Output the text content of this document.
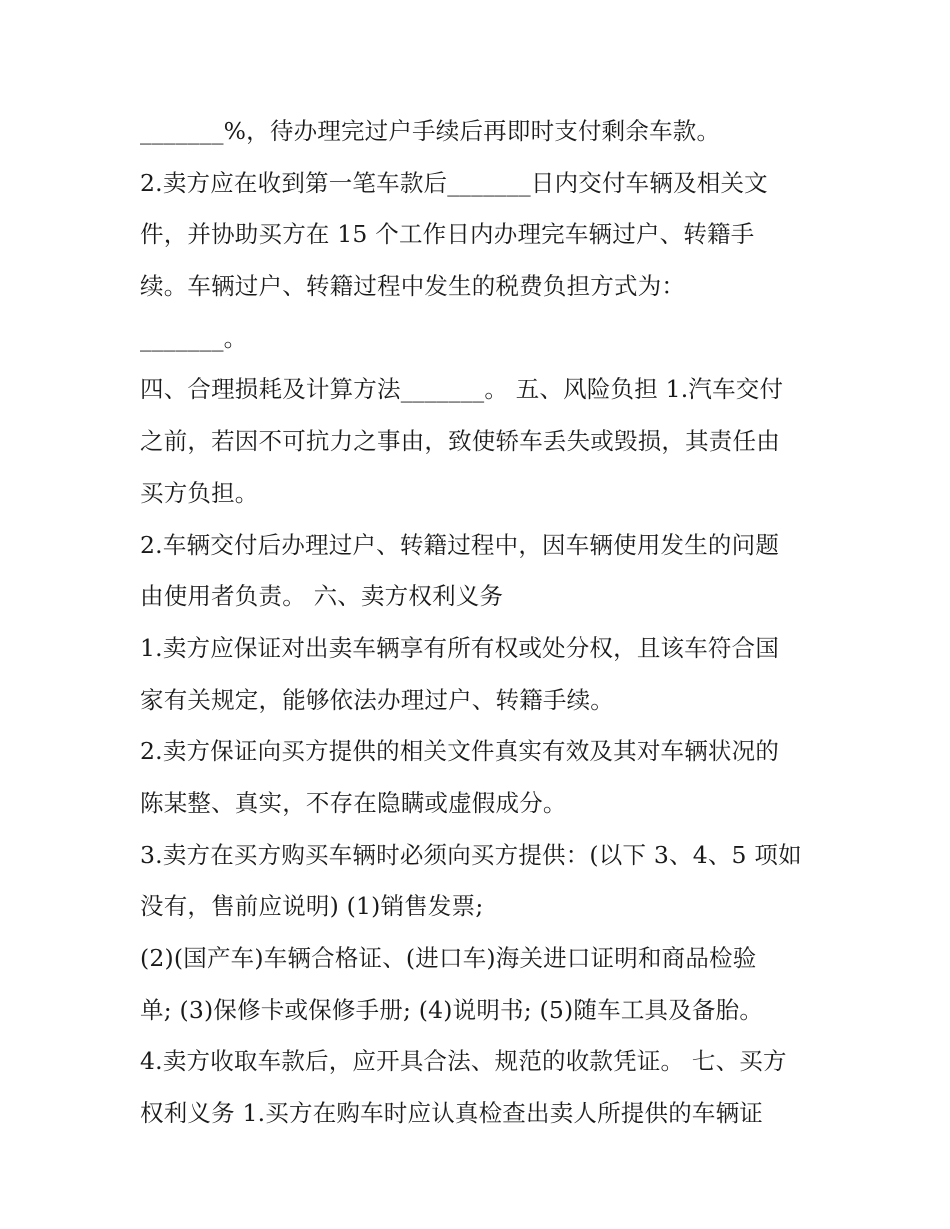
_______%，待办理完过户手续后再即时支付剩余车款。
2.卖方应在收到第一笔车款后_______日内交付车辆及相关文
件，并协助买方在 15 个工作日内办理完车辆过户、转籍手
续。车辆过户、转籍过程中发生的税费负担方式为：
_______。
四、合理损耗及计算方法_______。 五、风险负担 1.汽车交付
之前，若因不可抗力之事由，致使轿车丢失或毁损，其责任由
买方负担。
2.车辆交付后办理过户、转籍过程中，因车辆使用发生的问题
由使用者负责。 六、卖方权利义务
1.卖方应保证对出卖车辆享有所有权或处分权，且该车符合国
家有关规定，能够依法办理过户、转籍手续。
2.卖方保证向买方提供的相关文件真实有效及其对车辆状况的
陈某整、真实，不存在隐瞒或虚假成分。
3.卖方在买方购买车辆时必须向买方提供：(以下 3、4、5 项如
没有，售前应说明) (1)销售发票;
(2)(国产车)车辆合格证、(进口车)海关进口证明和商品检验
单; (3)保修卡或保修手册; (4)说明书; (5)随车工具及备胎。
4.卖方收取车款后，应开具合法、规范的收款凭证。 七、买方
权利义务 1.买方在购车时应认真检查出卖人所提供的车辆证
